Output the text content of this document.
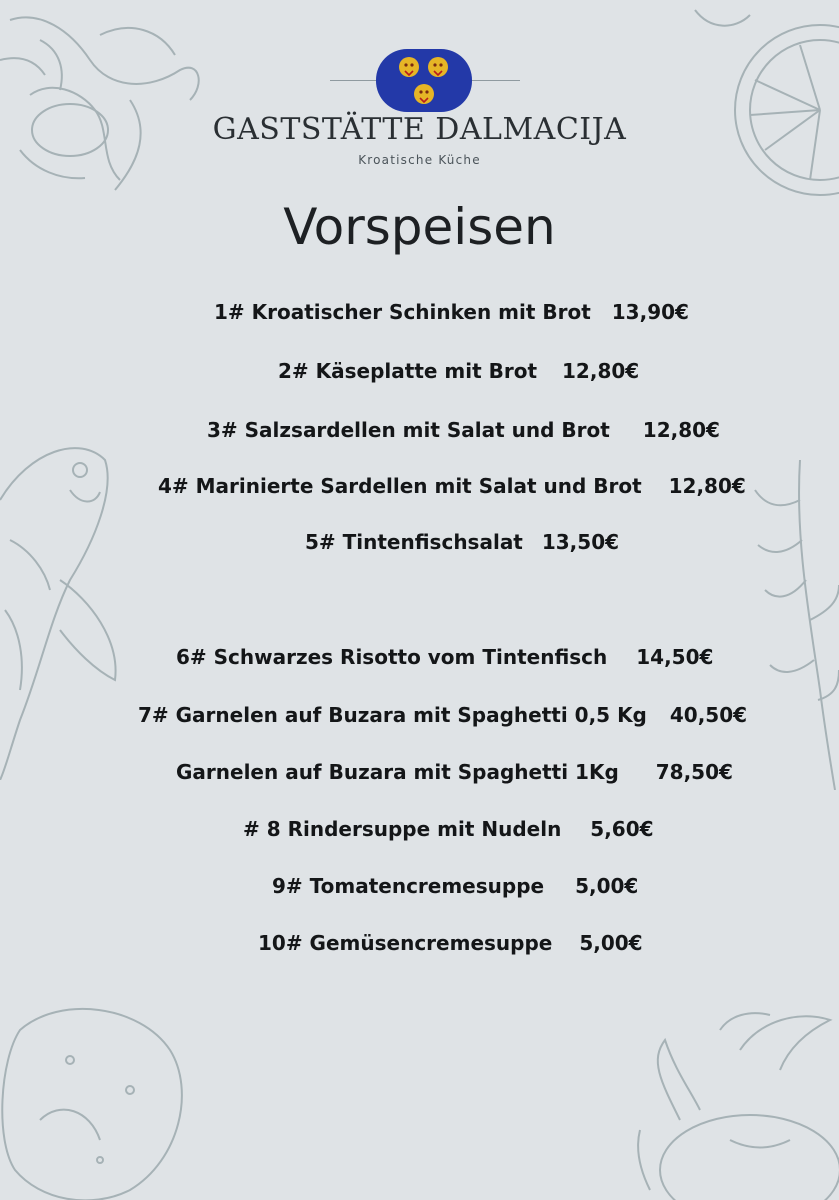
GASTSTÄTTE DALMACIJA
Kroatische Küche
Vorspeisen
1# Kroatischer Schinken mit Brot 13,90€
2# Käseplatte mit Brot 12,80€
3# Salzsardellen mit Salat und Brot 12,80€
4# Marinierte Sardellen mit Salat und Brot 12,80€
5# Tintenfischsalat 13,50€
6# Schwarzes Risotto vom Tintenfisch 14,50€
7# Garnelen auf Buzara mit Spaghetti 0,5 Kg 40,50€
Garnelen auf Buzara mit Spaghetti 1Kg 78,50€
# 8 Rindersuppe mit Nudeln 5,60€
9# Tomatencremesuppe 5,00€
10# Gemüsencremesuppe 5,00€
